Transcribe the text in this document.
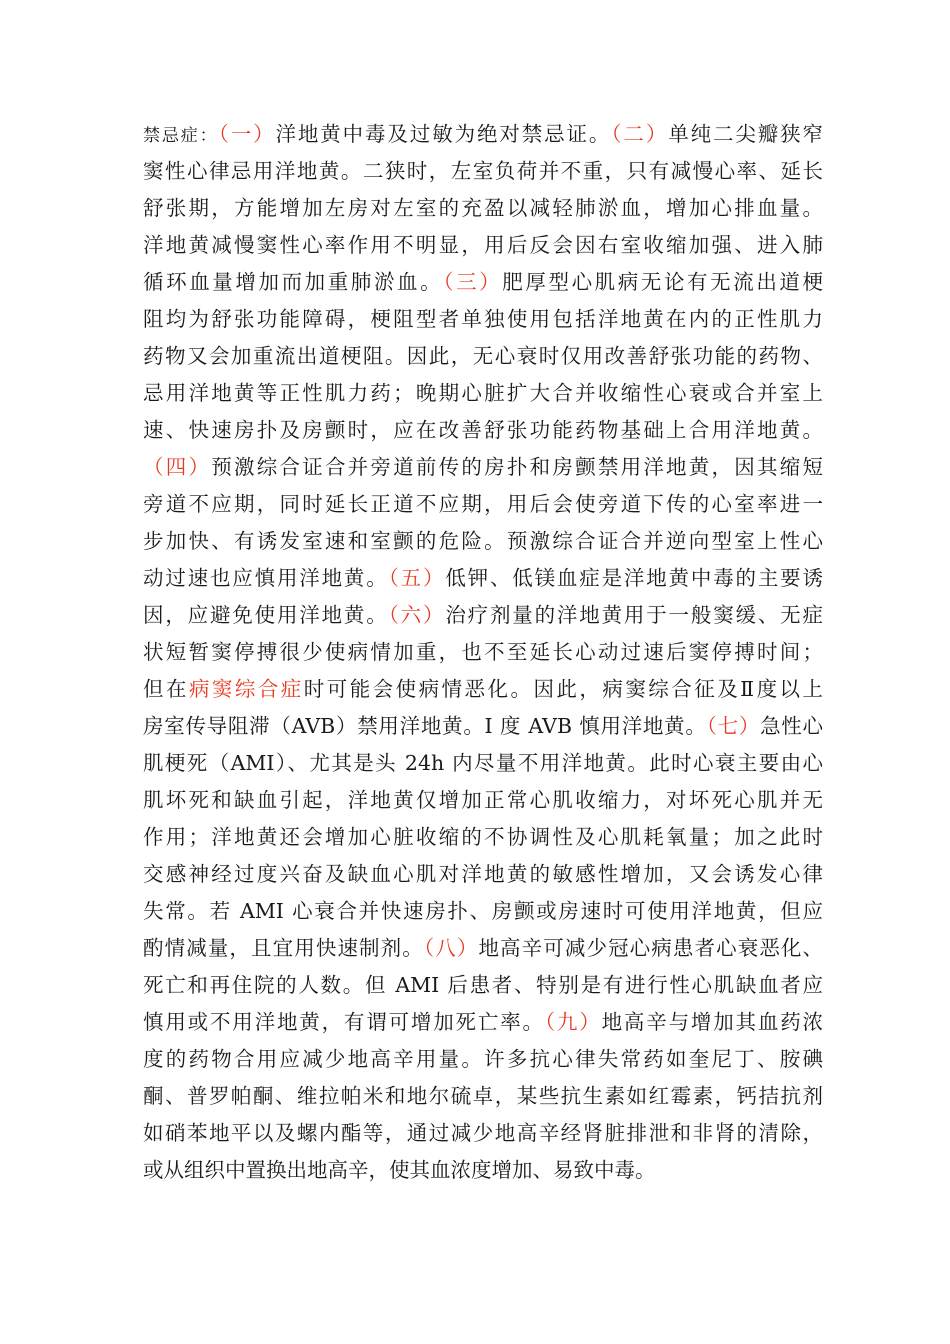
禁忌症：（一）洋地黄中毒及过敏为绝对禁忌证。（二）单纯二尖瓣狭窄
窦性心律忌用洋地黄。二狭时，左室负荷并不重，只有减慢心率、延长
舒张期，方能增加左房对左室的充盈以减轻肺淤血，增加心排血量。
洋地黄减慢窦性心率作用不明显，用后反会因右室收缩加强、进入肺
循环血量增加而加重肺淤血。（三）肥厚型心肌病无论有无流出道梗
阻均为舒张功能障碍，梗阻型者单独使用包括洋地黄在内的正性肌力
药物又会加重流出道梗阻。因此，无心衰时仅用改善舒张功能的药物、
忌用洋地黄等正性肌力药；晚期心脏扩大合并收缩性心衰或合并室上
速、快速房扑及房颤时，应在改善舒张功能药物基础上合用洋地黄。
（四）预激综合证合并旁道前传的房扑和房颤禁用洋地黄，因其缩短
旁道不应期，同时延长正道不应期，用后会使旁道下传的心室率进一
步加快、有诱发室速和室颤的危险。预激综合证合并逆向型室上性心
动过速也应慎用洋地黄。（五）低钾、低镁血症是洋地黄中毒的主要诱
因，应避免使用洋地黄。（六）治疗剂量的洋地黄用于一般窦缓、无症
状短暂窦停搏很少使病情加重，也不至延长心动过速后窦停搏时间；
但在病窦综合症时可能会使病情恶化。因此，病窦综合征及Ⅱ度以上
房室传导阻滞（AVB）禁用洋地黄。I 度 AVB 慎用洋地黄。（七）急性心
肌梗死（AMI）、尤其是头 24h 内尽量不用洋地黄。此时心衰主要由心
肌坏死和缺血引起，洋地黄仅增加正常心肌收缩力，对坏死心肌并无
作用；洋地黄还会增加心脏收缩的不协调性及心肌耗氧量；加之此时
交感神经过度兴奋及缺血心肌对洋地黄的敏感性增加，又会诱发心律
失常。若 AMI 心衰合并快速房扑、房颤或房速时可使用洋地黄，但应
酌情减量，且宜用快速制剂。（八）地高辛可减少冠心病患者心衰恶化、
死亡和再住院的人数。但 AMI 后患者、特别是有进行性心肌缺血者应
慎用或不用洋地黄，有谓可增加死亡率。（九）地高辛与增加其血药浓
度的药物合用应减少地高辛用量。许多抗心律失常药如奎尼丁、胺碘
酮、普罗帕酮、维拉帕米和地尔硫卓，某些抗生素如红霉素，钙拮抗剂
如硝苯地平以及螺内酯等，通过减少地高辛经肾脏排泄和非肾的清除，
或从组织中置换出地高辛，使其血浓度增加、易致中毒。
